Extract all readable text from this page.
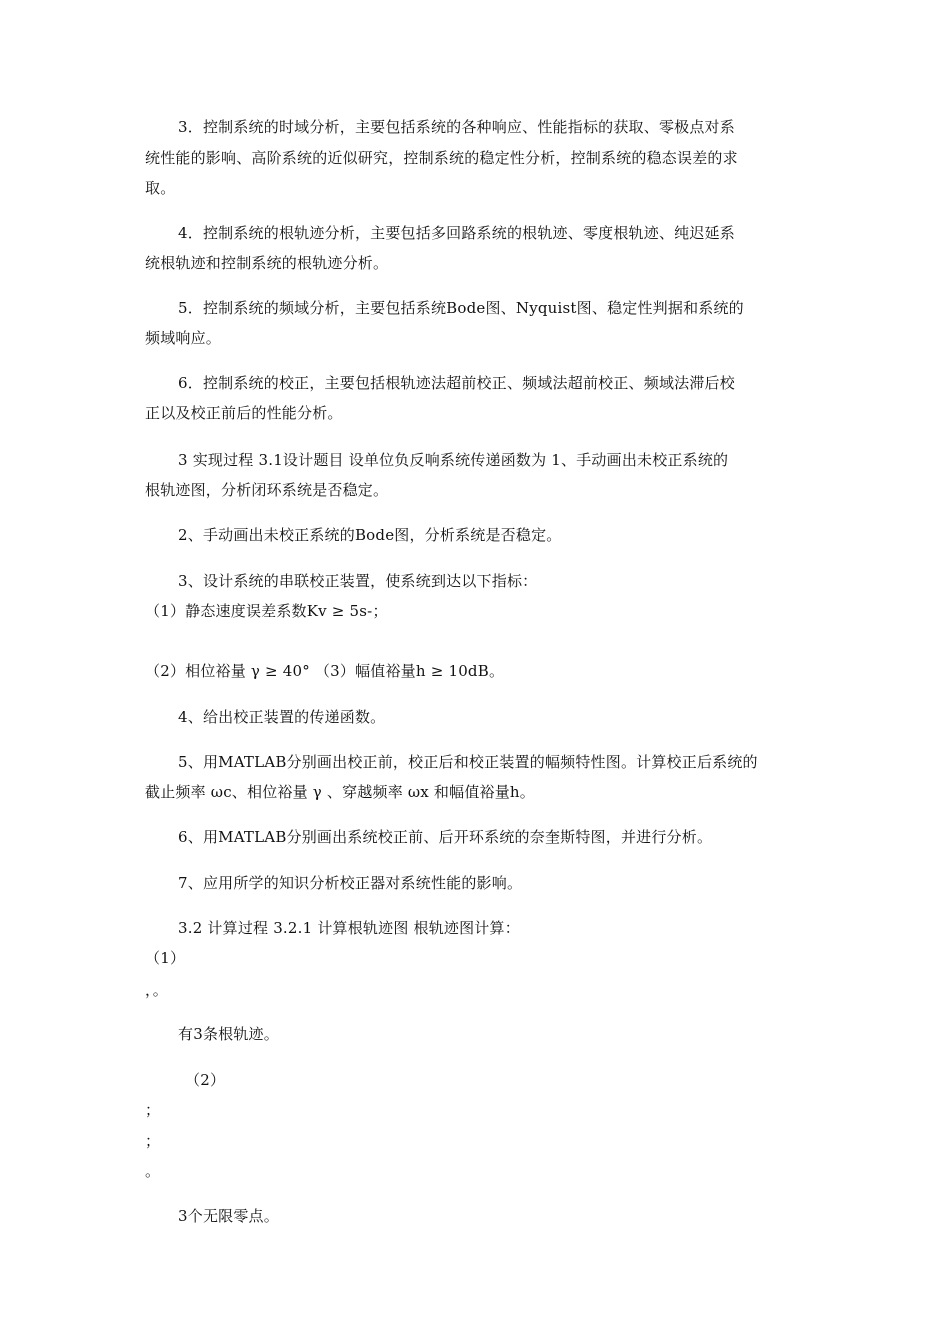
3．控制系统的时域分析，主要包括系统的各种响应、性能指标的获取、零极点对系
统性能的影响、高阶系统的近似研究，控制系统的稳定性分析，控制系统的稳态误差的求
取。
4．控制系统的根轨迹分析，主要包括多回路系统的根轨迹、零度根轨迹、纯迟延系
统根轨迹和控制系统的根轨迹分析。
5．控制系统的频域分析，主要包括系统Bode图、Nyquist图、稳定性判据和系统的
频域响应。
6．控制系统的校正，主要包括根轨迹法超前校正、频域法超前校正、频域法滞后校
正以及校正前后的性能分析。
3 实现过程 3.1设计题目 设单位负反响系统传递函数为 1、手动画出未校正系统的
根轨迹图，分析闭环系统是否稳定。
2、手动画出未校正系统的Bode图，分析系统是否稳定。
3、设计系统的串联校正装置，使系统到达以下指标：
（1）静态速度误差系数Kv ≥ 5s-；
（2）相位裕量 γ ≥ 40° （3）幅值裕量h ≥ 10dB。
4、给出校正装置的传递函数。
5、用MATLAB分别画出校正前，校正后和校正装置的幅频特性图。计算校正后系统的
截止频率 ωc、相位裕量 γ 、穿越频率 ωx 和幅值裕量h。
6、用MATLAB分别画出系统校正前、后开环系统的奈奎斯特图，并进行分析。
7、应用所学的知识分析校正器对系统性能的影响。
3.2 计算过程 3.2.1 计算根轨迹图 根轨迹图计算：
（1）
，。
有3条根轨迹。
（2）
；
；
。
3个无限零点。
